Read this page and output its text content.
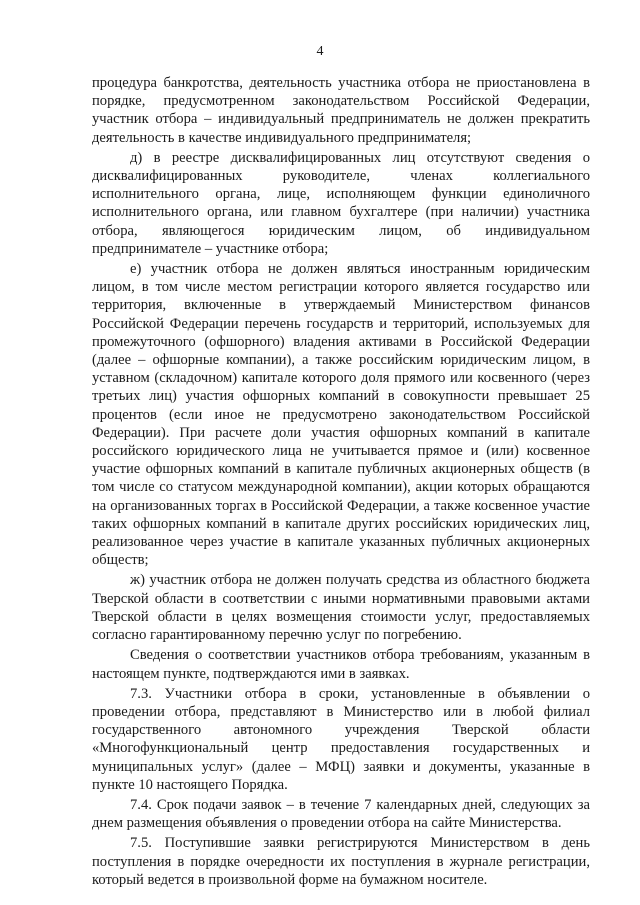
4

процедура банкротства, деятельность участника отбора не приостановлена в порядке, предусмотренном законодательством Российской Федерации, участник отбора – индивидуальный предприниматель не должен прекратить деятельность в качестве индивидуального предпринимателя;

д) в реестре дисквалифицированных лиц отсутствуют сведения о дисквалифицированных руководителе, членах коллегиального исполнительного органа, лице, исполняющем функции единоличного исполнительного органа, или главном бухгалтере (при наличии) участника отбора, являющегося юридическим лицом, об индивидуальном предпринимателе – участнике отбора;

е) участник отбора не должен являться иностранным юридическим лицом, в том числе местом регистрации которого является государство или территория, включенные в утверждаемый Министерством финансов Российской Федерации перечень государств и территорий, используемых для промежуточного (офшорного) владения активами в Российской Федерации (далее – офшорные компании), а также российским юридическим лицом, в уставном (складочном) капитале которого доля прямого или косвенного (через третьих лиц) участия офшорных компаний в совокупности превышает 25 процентов (если иное не предусмотрено законодательством Российской Федерации). При расчете доли участия офшорных компаний в капитале российского юридического лица не учитывается прямое и (или) косвенное участие офшорных компаний в капитале публичных акционерных обществ (в том числе со статусом международной компании), акции которых обращаются на организованных торгах в Российской Федерации, а также косвенное участие таких офшорных компаний в капитале других российских юридических лиц, реализованное через участие в капитале указанных публичных акционерных обществ;

ж) участник отбора не должен получать средства из областного бюджета Тверской области в соответствии с иными нормативными правовыми актами Тверской области в целях возмещения стоимости услуг, предоставляемых согласно гарантированному перечню услуг по погребению.

Сведения о соответствии участников отбора требованиям, указанным в настоящем пункте, подтверждаются ими в заявках.

7.3. Участники отбора в сроки, установленные в объявлении о проведении отбора, представляют в Министерство или в любой филиал государственного автономного учреждения Тверской области «Многофункциональный центр предоставления государственных и муниципальных услуг» (далее – МФЦ) заявки и документы, указанные в пункте 10 настоящего Порядка.

7.4. Срок подачи заявок – в течение 7 календарных дней, следующих за днем размещения объявления о проведении отбора на сайте Министерства.

7.5. Поступившие заявки регистрируются Министерством в день поступления в порядке очередности их поступления в журнале регистрации, который ведется в произвольной форме на бумажном носителе.
